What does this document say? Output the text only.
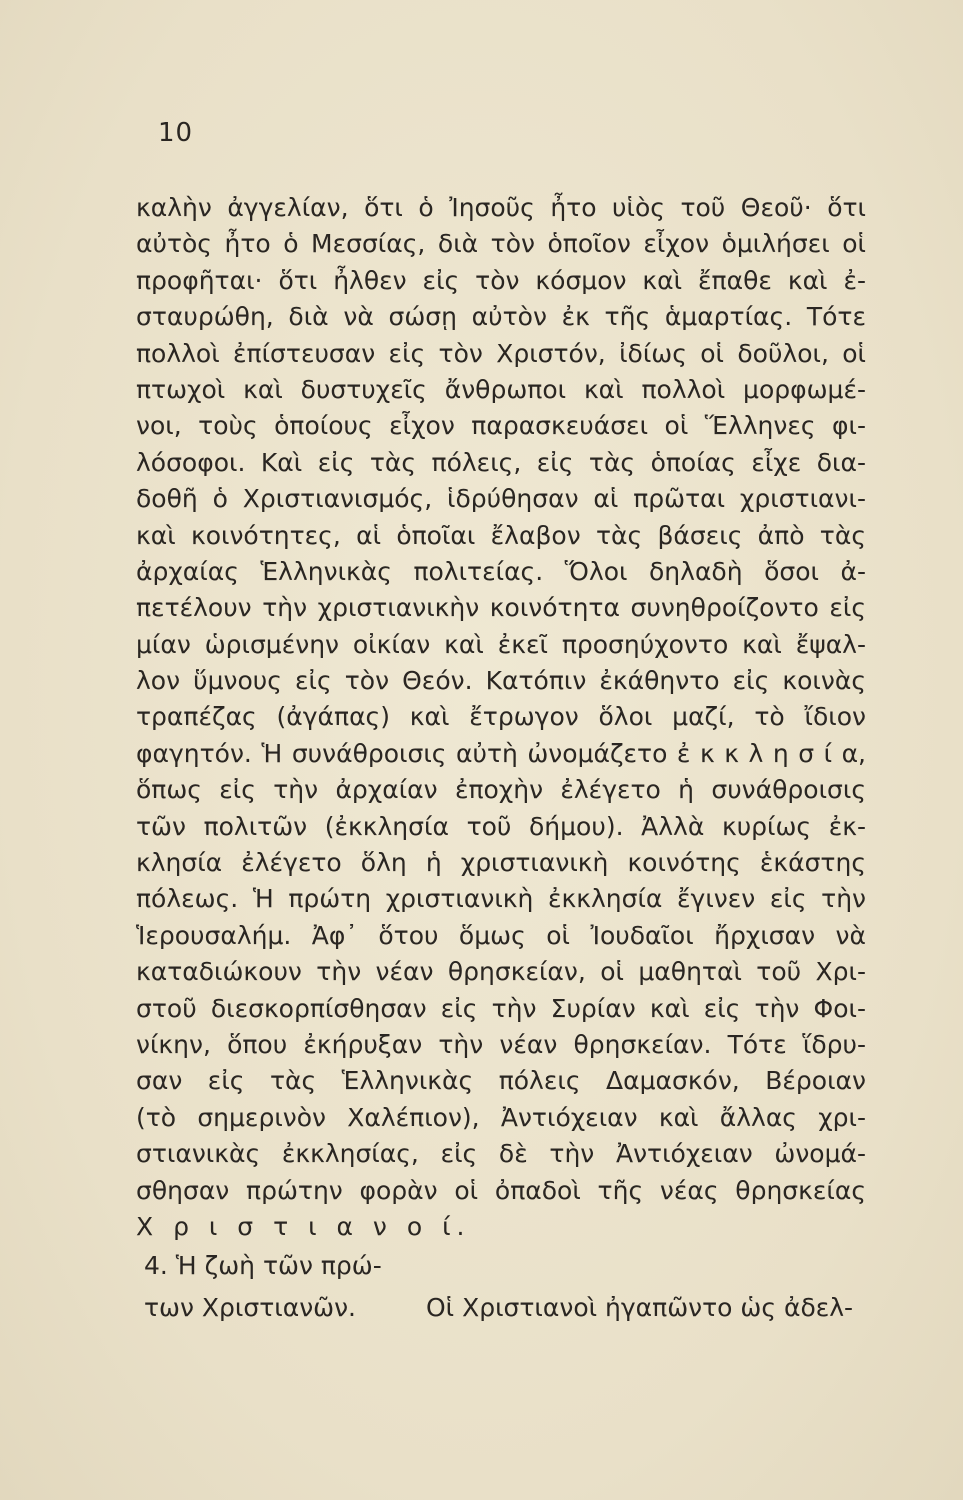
10
καλὴν ἀγγελίαν, ὅτι ὁ Ἰησοῦς ἦτο υἱὸς τοῦ Θεοῦ· ὅτι
αὐτὸς ἦτο ὁ Μεσσίας, διὰ τὸν ὁποῖον εἶχον ὁμιλήσει οἱ
προφῆται· ὅτι ἦλθεν εἰς τὸν κόσμον καὶ ἔπαθε καὶ ἐ-
σταυρώθη, διὰ νὰ σώσῃ αὐτὸν ἐκ τῆς ἁμαρτίας. Τότε
πολλοὶ ἐπίστευσαν εἰς τὸν Χριστόν, ἰδίως οἱ δοῦλοι, οἱ
πτωχοὶ καὶ δυστυχεῖς ἄνθρωποι καὶ πολλοὶ μορφωμέ-
νοι, τοὺς ὁποίους εἶχον παρασκευάσει οἱ Ἕλληνες φι-
λόσοφοι. Καὶ εἰς τὰς πόλεις, εἰς τὰς ὁποίας εἶχε δια-
δοθῆ ὁ Χριστιανισμός, ἱδρύθησαν αἱ πρῶται χριστιανι-
καὶ κοινότητες, αἱ ὁποῖαι ἔλαβον τὰς βάσεις ἀπὸ τὰς
ἀρχαίας Ἑλληνικὰς πολιτείας. Ὅλοι δηλαδὴ ὅσοι ἀ-
πετέλουν τὴν χριστιανικὴν κοινότητα συνηθροίζοντο εἰς
μίαν ὡρισμένην οἰκίαν καὶ ἐκεῖ προσηύχοντο καὶ ἔψαλ-
λον ὕμνους εἰς τὸν Θεόν. Κατόπιν ἐκάθηντο εἰς κοινὰς
τραπέζας (ἀγάπας) καὶ ἔτρωγον ὅλοι μαζί, τὸ ἴδιον
φαγητόν. Ἡ συνάθροισις αὐτὴ ὠνομάζετο ἐ κ κ λ η σ ί α,
ὅπως εἰς τὴν ἀρχαίαν ἐποχὴν ἐλέγετο ἡ συνάθροισις
τῶν πολιτῶν (ἐκκλησία τοῦ δήμου). Ἀλλὰ κυρίως ἐκ-
κλησία ἐλέγετο ὅλη ἡ χριστιανικὴ κοινότης ἑκάστης
πόλεως. Ἡ πρώτη χριστιανικὴ ἐκκλησία ἔγινεν εἰς τὴν
Ἱερουσαλήμ. Ἀφ᾽ ὅτου ὅμως οἱ Ἰουδαῖοι ἤρχισαν νὰ
καταδιώκουν τὴν νέαν θρησκείαν, οἱ μαθηταὶ τοῦ Χρι-
στοῦ διεσκορπίσθησαν εἰς τὴν Συρίαν καὶ εἰς τὴν Φοι-
νίκην, ὅπου ἐκήρυξαν τὴν νέαν θρησκείαν. Τότε ἵδρυ-
σαν εἰς τὰς Ἑλληνικὰς πόλεις Δαμασκόν, Βέροιαν
(τὸ σημερινὸν Χαλέπιον), Ἀντιόχειαν καὶ ἄλλας χρι-
στιανικὰς ἐκκλησίας, εἰς δὲ τὴν Ἀντιόχειαν ὠνομά-
σθησαν πρώτην φορὰν οἱ ὀπαδοὶ τῆς νέας θρησκείας
Χ ρ ι σ τ ι α ν ο ί.
4. Ἡ ζωὴ τῶν πρώ-
των Χριστιανῶν.	Οἱ Χριστιανοὶ ἠγαπῶντο ὡς ἀδελ-
